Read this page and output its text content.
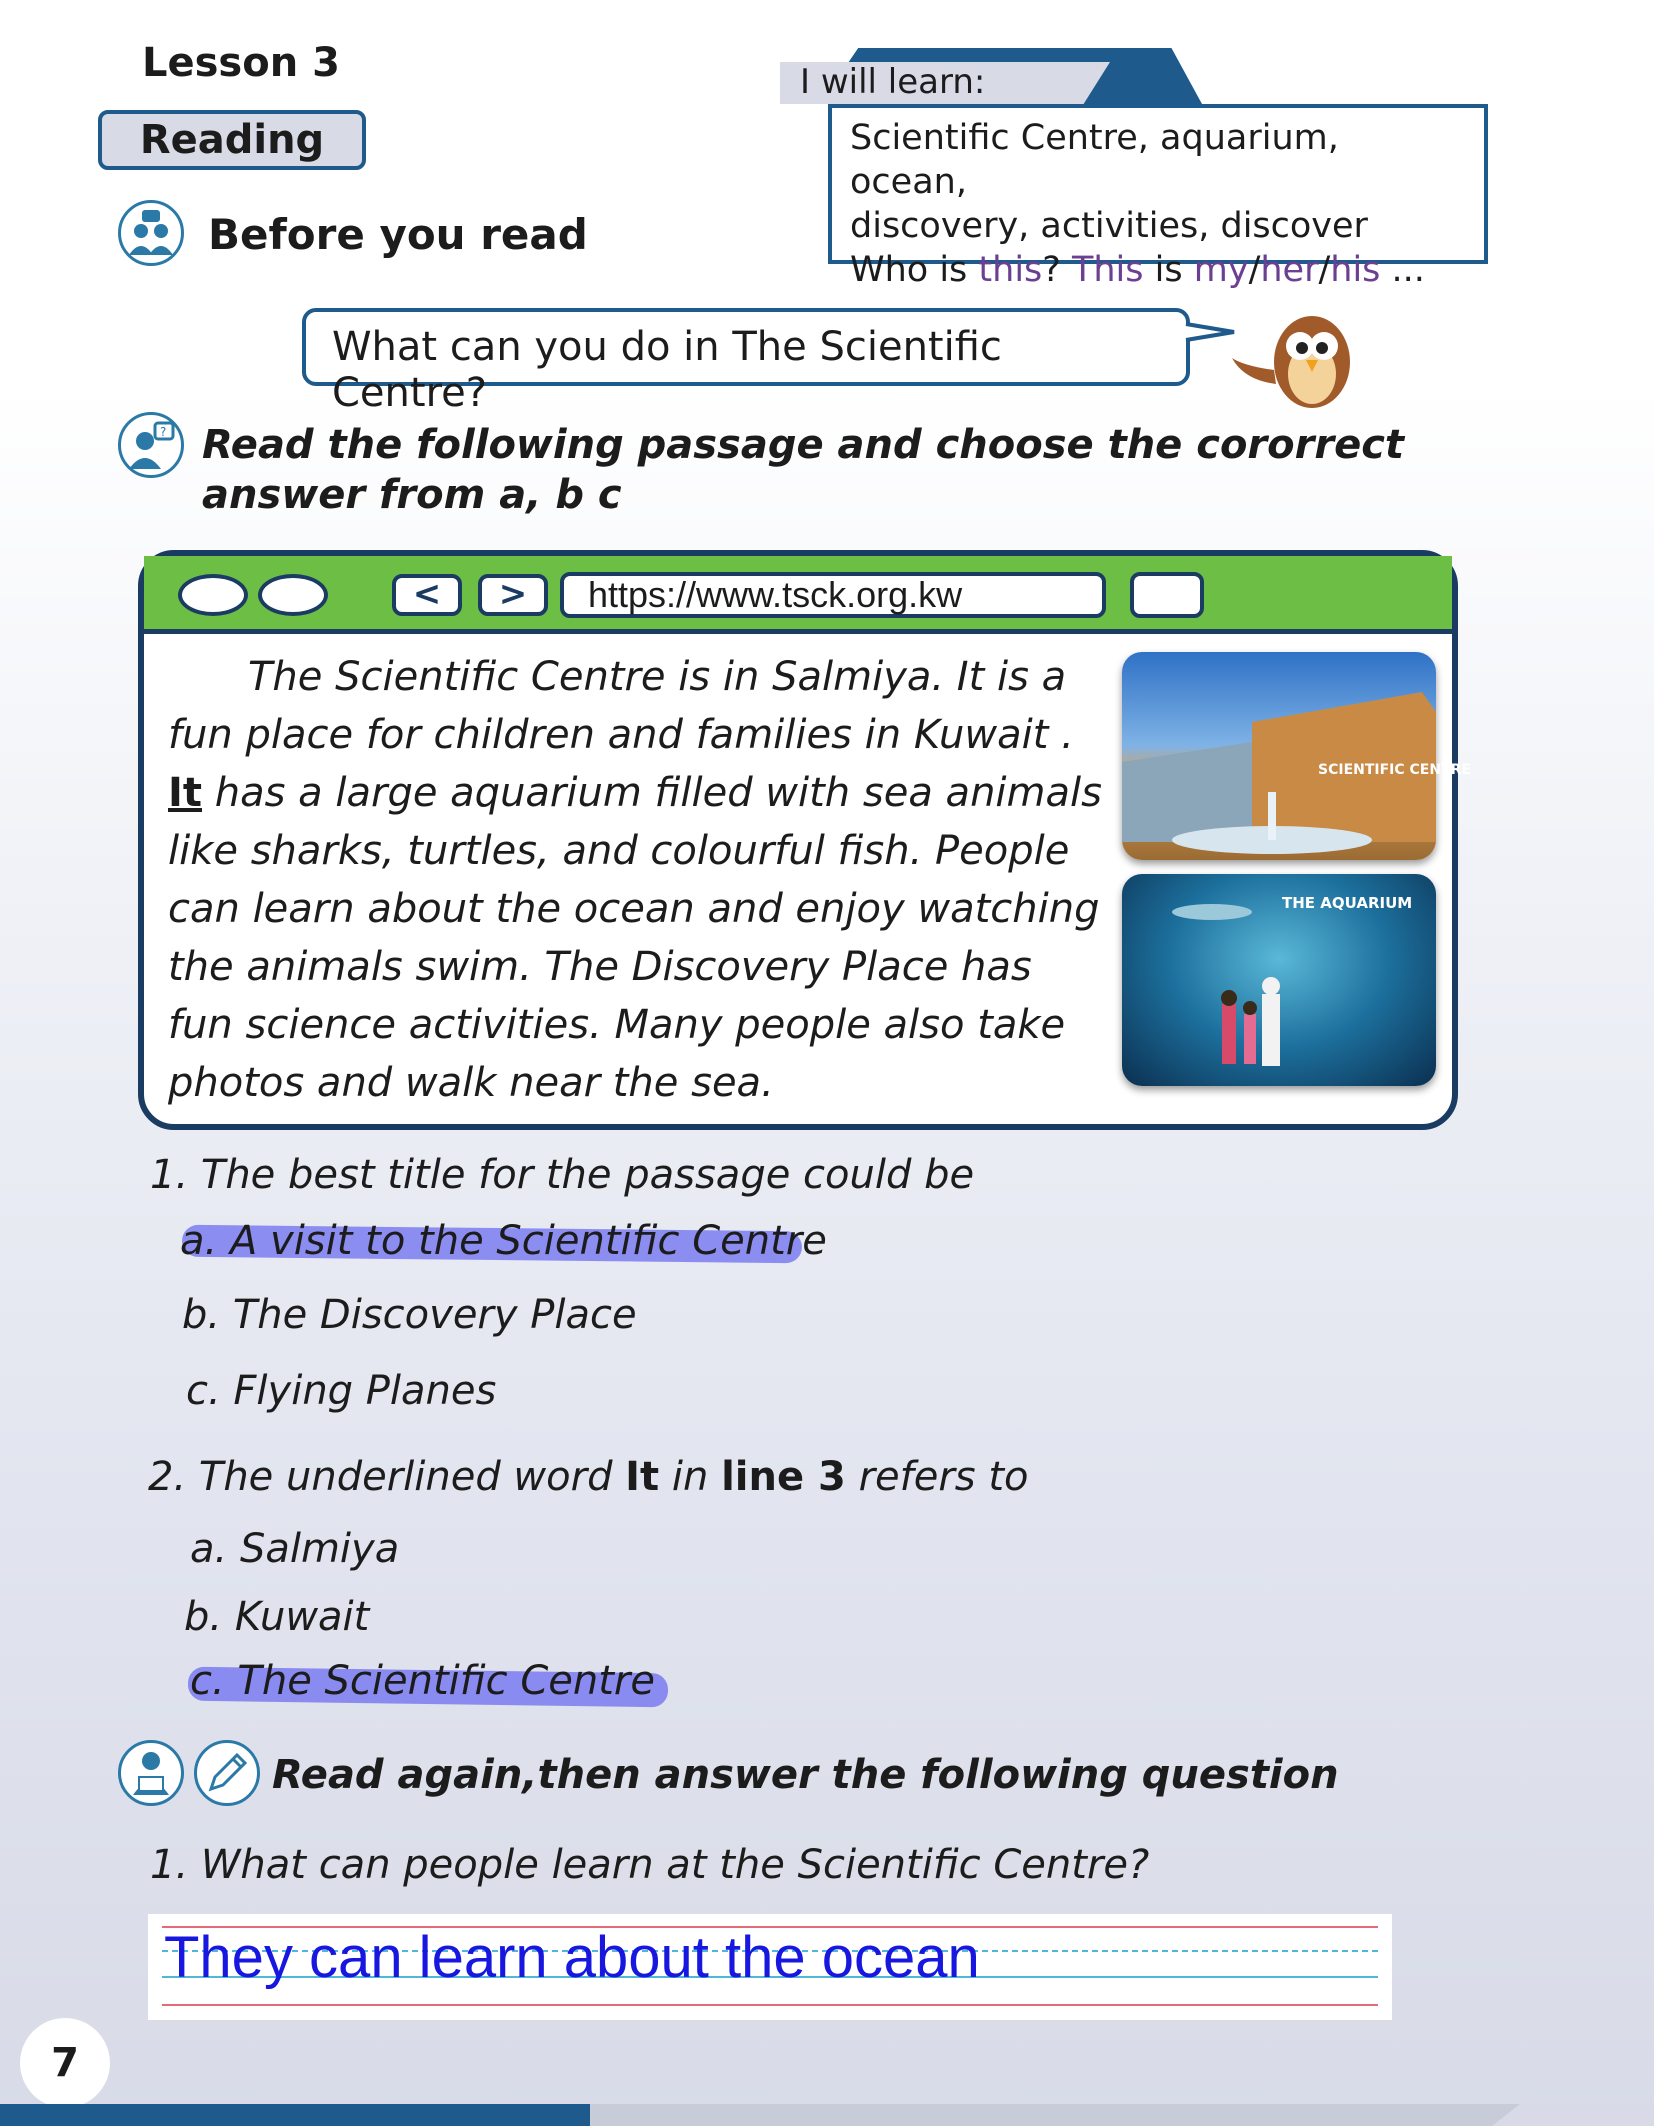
Lesson 3
Reading
Before you read
I will learn:
Scientific Centre, aquarium, ocean,
discovery, activities, discover
Who is this? This is my/her/his ...
What can you do in The Scientific Centre?
? Read the following passage and choose the cororrect answer from a, b c
<	>	https://www.tsck.org.kw
The Scientific Centre is in Salmiya. It is a fun place for children and families in Kuwait . It has a large aquarium filled with sea animals like sharks, turtles, and colourful fish. People can learn about the ocean and enjoy watching the animals swim. The Discovery Place has fun science activities. Many people also take photos and walk near the sea.
SCIENTIFIC CENTRE
THE AQUARIUM
1. The best title for the passage could be
a. A visit to the Scientific Centre
b. The Discovery Place
c. Flying Planes
2. The underlined word It in line 3 refers to
a. Salmiya
b. Kuwait
c. The Scientific Centre
Read again,then answer the following question
1. What can people learn at the Scientific Centre?
They can learn about the ocean
7
